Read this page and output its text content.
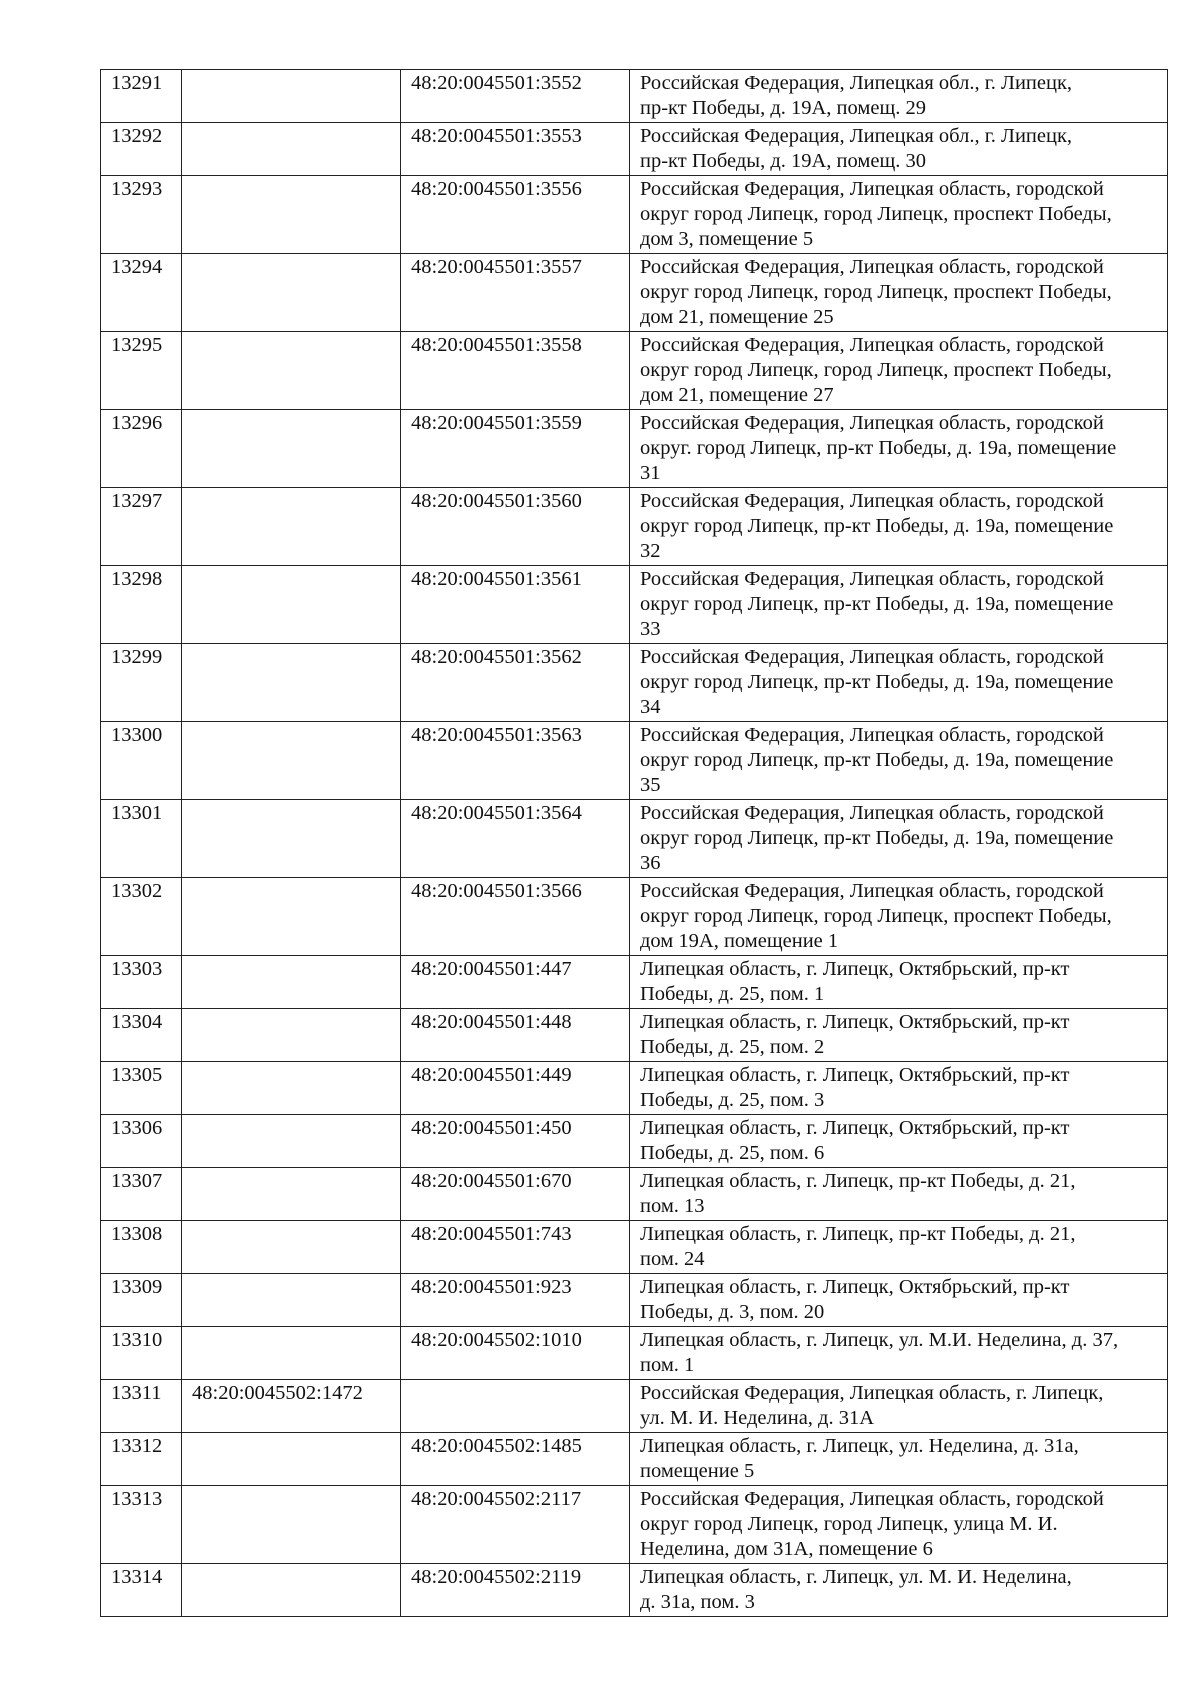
13291		48:20:0045501:3552	Российская Федерация, Липецкая обл., г. Липецк,
пр-кт Победы, д. 19А, помещ. 29

13292		48:20:0045501:3553	Российская Федерация, Липецкая обл., г. Липецк,
пр-кт Победы, д. 19А, помещ. 30

13293		48:20:0045501:3556	Российская Федерация, Липецкая область, городской
округ город Липецк, город Липецк, проспект Победы,
дом 3, помещение 5

13294		48:20:0045501:3557	Российская Федерация, Липецкая область, городской
округ город Липецк, город Липецк, проспект Победы,
дом 21, помещение 25

13295		48:20:0045501:3558	Российская Федерация, Липецкая область, городской
округ город Липецк, город Липецк, проспект Победы,
дом 21, помещение 27

13296		48:20:0045501:3559	Российская Федерация, Липецкая область, городской
округ. город Липецк, пр-кт Победы, д. 19а, помещение
31

13297		48:20:0045501:3560	Российская Федерация, Липецкая область, городской
округ город Липецк, пр-кт Победы, д. 19а, помещение
32

13298		48:20:0045501:3561	Российская Федерация, Липецкая область, городской
округ город Липецк, пр-кт Победы, д. 19а, помещение
33

13299		48:20:0045501:3562	Российская Федерация, Липецкая область, городской
округ город Липецк, пр-кт Победы, д. 19а, помещение
34

13300		48:20:0045501:3563	Российская Федерация, Липецкая область, городской
округ город Липецк, пр-кт Победы, д. 19а, помещение
35

13301		48:20:0045501:3564	Российская Федерация, Липецкая область, городской
округ город Липецк, пр-кт Победы, д. 19а, помещение
36

13302		48:20:0045501:3566	Российская Федерация, Липецкая область, городской
округ город Липецк, город Липецк, проспект Победы,
дом 19А, помещение 1

13303		48:20:0045501:447	Липецкая область, г. Липецк, Октябрьский, пр-кт
Победы, д. 25, пом. 1

13304		48:20:0045501:448	Липецкая область, г. Липецк, Октябрьский, пр-кт
Победы, д. 25, пом. 2

13305		48:20:0045501:449	Липецкая область, г. Липецк, Октябрьский, пр-кт
Победы, д. 25, пом. 3

13306		48:20:0045501:450	Липецкая область, г. Липецк, Октябрьский, пр-кт
Победы, д. 25, пом. 6

13307		48:20:0045501:670	Липецкая область, г. Липецк, пр-кт Победы, д. 21,
пом. 13

13308		48:20:0045501:743	Липецкая область, г. Липецк, пр-кт Победы, д. 21,
пом. 24

13309		48:20:0045501:923	Липецкая область, г. Липецк, Октябрьский, пр-кт
Победы, д. 3, пом. 20

13310		48:20:0045502:1010	Липецкая область, г. Липецк, ул. М.И. Неделина, д. 37,
пом. 1

13311	48:20:0045502:1472		Российская Федерация, Липецкая область, г. Липецк,
ул. М. И. Неделина, д. 31А

13312		48:20:0045502:1485	Липецкая область, г. Липецк, ул. Неделина, д. 31а,
помещение 5

13313		48:20:0045502:2117	Российская Федерация, Липецкая область, городской
округ город Липецк, город Липецк, улица М. И.
Неделина, дом 31А, помещение 6

13314		48:20:0045502:2119	Липецкая область, г. Липецк, ул. М. И. Неделина,
д. 31а, пом. 3
